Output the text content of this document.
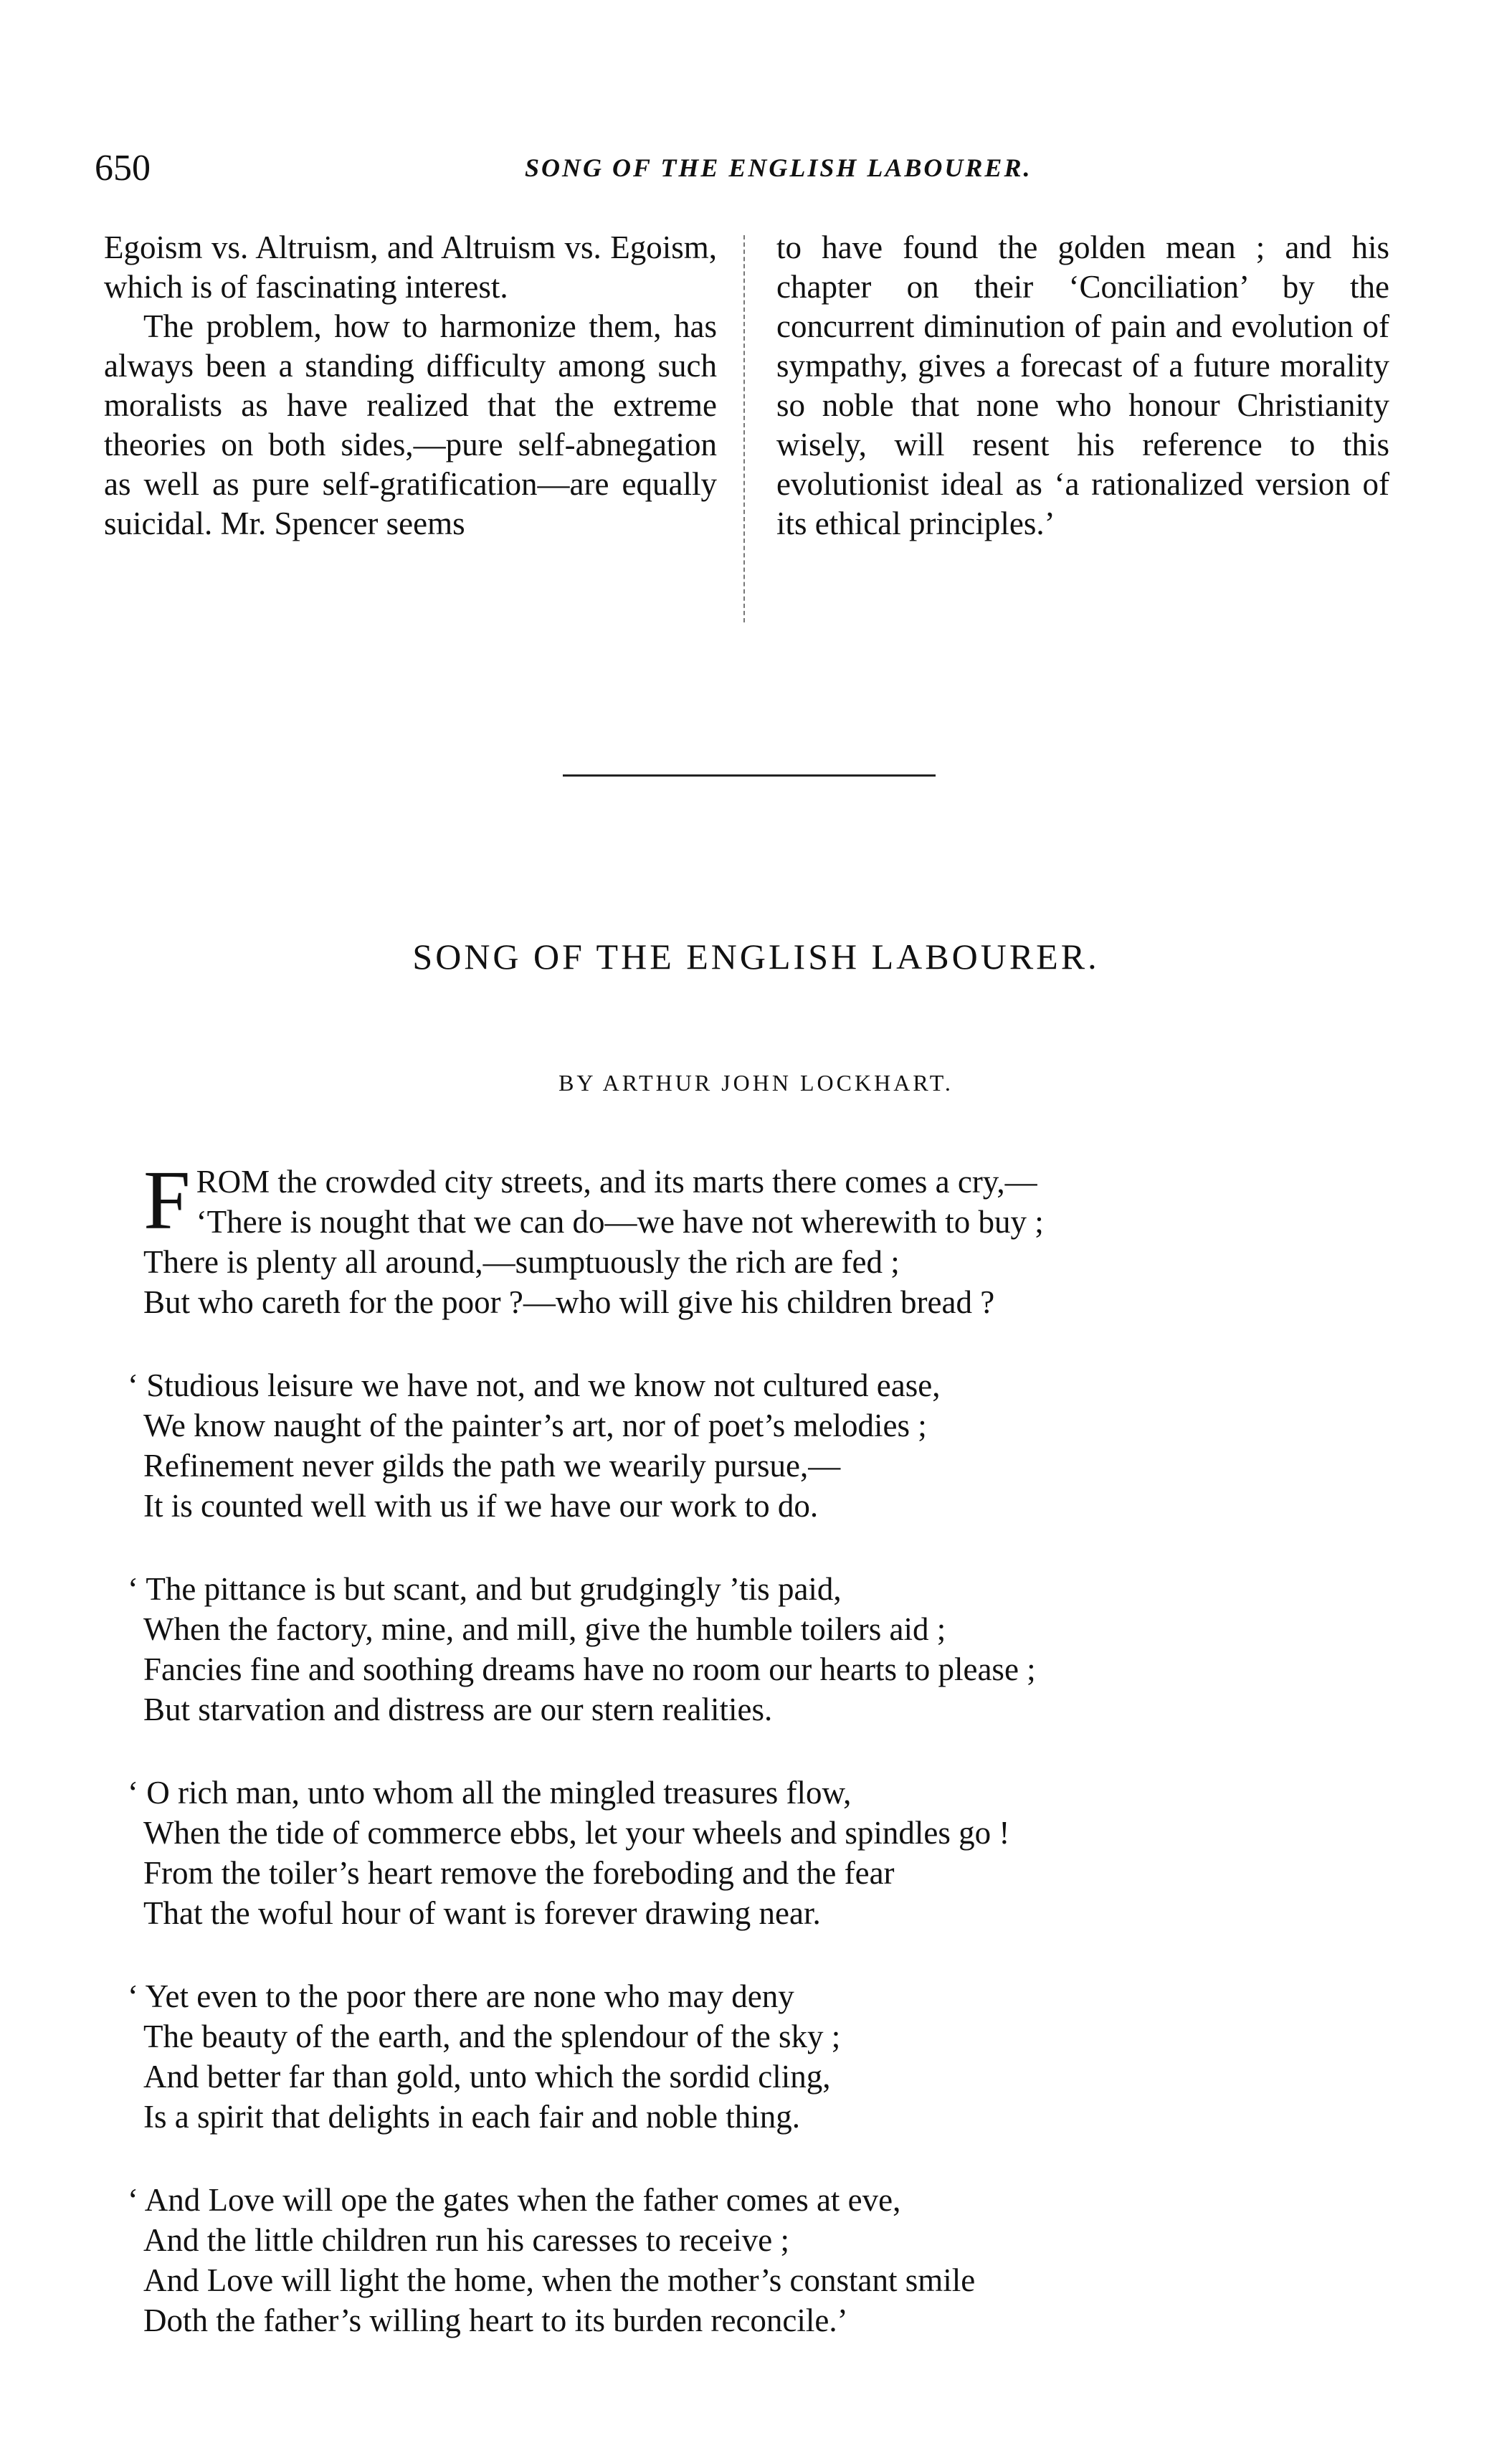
650	SONG OF THE ENGLISH LABOURER.

Egoism vs. Altruism, and Altruism vs. Egoism, which is of fascinating interest.

The problem, how to harmonize them, has always been a standing difficulty among such moralists as have realized that the extreme theories on both sides,—pure self-abnegation as well as pure self-gratification—are equally suicidal. Mr. Spencer seems

to have found the golden mean ; and his chapter on their ‘Conciliation’ by the concurrent diminution of pain and evolution of sympathy, gives a forecast of a future morality so noble that none who honour Christianity wisely, will resent his reference to this evolutionist ideal as ‘a rationalized version of its ethical principles.’

SONG OF THE ENGLISH LABOURER.
BY ARTHUR JOHN LOCKHART.
F ROM the crowded city streets, and its marts there comes a cry,—
‘There is nought that we can do—we have not wherewith to buy ;
There is plenty all around,—sumptuously the rich are fed ;
But who careth for the poor ?—who will give his children bread ?
‘ Studious leisure we have not, and we know not cultured ease,
We know naught of the painter’s art, nor of poet’s melodies ;
Refinement never gilds the path we wearily pursue,—
It is counted well with us if we have our work to do.
‘ The pittance is but scant, and but grudgingly ’tis paid,
When the factory, mine, and mill, give the humble toilers aid ;
Fancies fine and soothing dreams have no room our hearts to please ;
But starvation and distress are our stern realities.
‘ O rich man, unto whom all the mingled treasures flow,
When the tide of commerce ebbs, let your wheels and spindles go !
From the toiler’s heart remove the foreboding and the fear
That the woful hour of want is forever drawing near.
‘ Yet even to the poor there are none who may deny
The beauty of the earth, and the splendour of the sky ;
And better far than gold, unto which the sordid cling,
Is a spirit that delights in each fair and noble thing.
‘ And Love will ope the gates when the father comes at eve,
And the little children run his caresses to receive ;
And Love will light the home, when the mother’s constant smile
Doth the father’s willing heart to its burden reconcile.’
